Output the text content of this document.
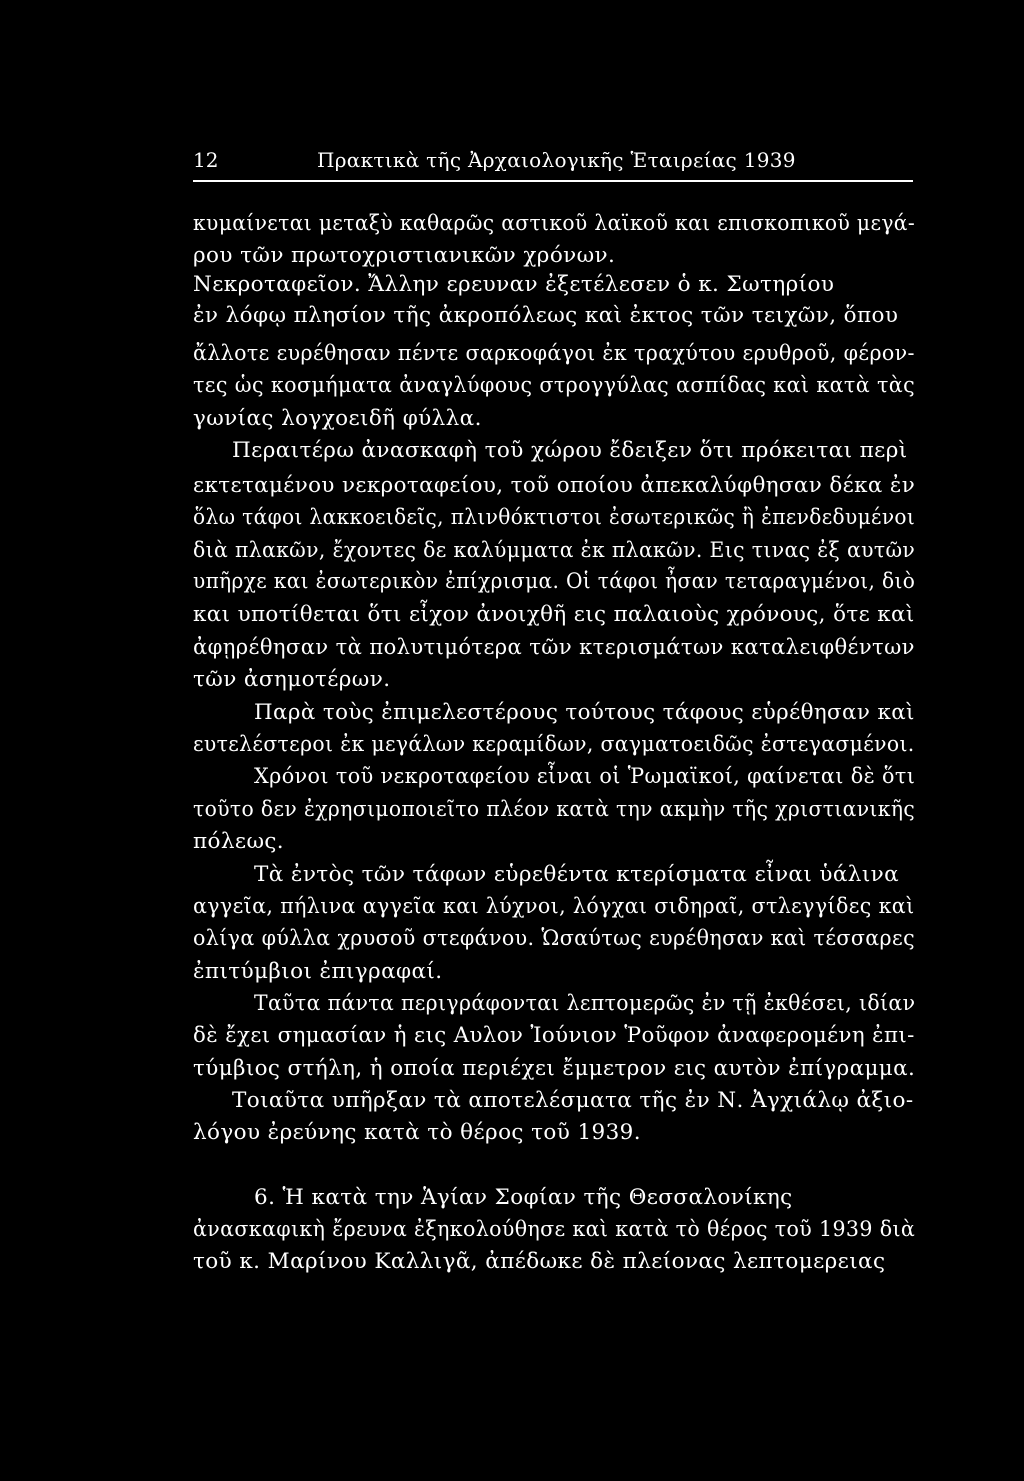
12	Πρακτικὰ τῆς Ἀρχαιολογικῆς Ἑταιρείας 1939
κυμαίνεται μεταξὺ καθαρῶς αστικοῦ λαϊκοῦ και επισκοπικοῦ μεγά-
ρου τῶν πρωτοχριστιανικῶν χρόνων.
Νεκροταφεῖον. Ἄλλην ερευναν ἐξετέλεσεν ὁ κ. Σωτηρίου
ἐν λόφῳ πλησίον τῆς ἀκροπόλεως καὶ ἐκτος τῶν τειχῶν, ὅπου
ἄλλοτε ευρέθησαν πέντε σαρκοφάγοι ἐκ τραχύτου ερυθροῦ, φέρον-
τες ὡς κοσμήματα ἀναγλύφους στρογγύλας ασπίδας καὶ κατὰ τὰς
γωνίας λογχοειδῆ φύλλα.
Περαιτέρω ἀνασκαφὴ τοῦ χώρου ἔδειξεν ὅτι πρόκειται περὶ
εκτεταμένου νεκροταφείου, τοῦ οποίου ἀπεκαλύφθησαν δέκα ἐν
ὅλω τάφοι λακκοειδεῖς, πλινθόκτιστοι ἐσωτερικῶς ἢ ἐπενδεδυμένοι
διὰ πλακῶν, ἔχοντες δε καλύμματα ἐκ πλακῶν. Εις τινας ἐξ αυτῶν
υπῆρχε και ἐσωτερικὸν ἐπίχρισμα. Οἱ τάφοι ἦσαν τεταραγμένοι, διὸ
και υποτίθεται ὅτι εἶχον ἀνοιχθῆ εις παλαιοὺς χρόνους, ὅτε καὶ
ἀφῃρέθησαν τὰ πολυτιμότερα τῶν κτερισμάτων καταλειφθέντων
τῶν ἀσημοτέρων.
Παρὰ τοὺς ἐπιμελεστέρους τούτους τάφους εὑρέθησαν καὶ
ευτελέστεροι ἐκ μεγάλων κεραμίδων, σαγματοειδῶς ἐστεγασμένοι.
Χρόνοι τοῦ νεκροταφείου εἶναι οἱ Ῥωμαϊκοί, φαίνεται δὲ ὅτι
τοῦτο δεν ἐχρησιμοποιεῖτο πλέον κατὰ την ακμὴν τῆς χριστιανικῆς
πόλεως.
Τὰ ἐντὸς τῶν τάφων εὑρεθέντα κτερίσματα εἶναι ὑάλινα
αγγεῖα, πήλινα αγγεῖα και λύχνοι, λόγχαι σιδηραῖ, στλεγγίδες καὶ
ολίγα φύλλα χρυσοῦ στεφάνου. Ὡσαύτως ευρέθησαν καὶ τέσσαρες
ἐπιτύμβιοι ἐπιγραφαί.
Ταῦτα πάντα περιγράφονται λεπτομερῶς ἐν τῇ ἐκθέσει, ιδίαν
δὲ ἔχει σημασίαν ἡ εις Αυλον Ἰούνιον Ῥοῦφον ἀναφερομένη ἐπι-
τύμβιος στήλη, ἡ οποία περιέχει ἔμμετρον εις αυτὸν ἐπίγραμμα.
Τοιαῦτα υπῆρξαν τὰ αποτελέσματα τῆς ἐν Ν. Ἀγχιάλῳ ἀξιο-
λόγου ἐρεύνης κατὰ τὸ θέρος τοῦ 1939.
6. Ἡ κατὰ την Ἁγίαν Σοφίαν τῆς Θεσσαλονίκης
ἀνασκαφικὴ ἔρευνα ἐξηκολούθησε καὶ κατὰ τὸ θέρος τοῦ 1939 διὰ
τοῦ κ. Μαρίνου Καλλιγᾶ, ἀπέδωκε δὲ πλείονας λεπτομερειας
